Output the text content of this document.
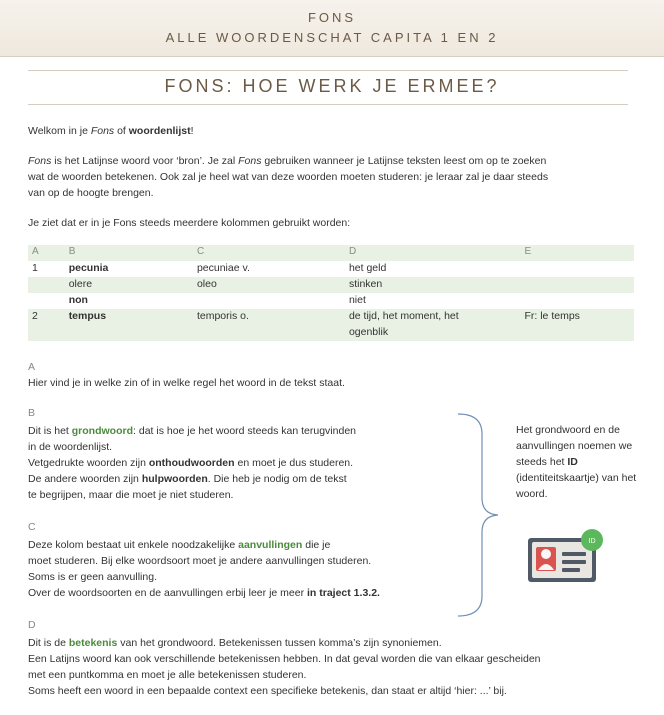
FONS
ALLE WOORDENSCHAT CAPITA 1 EN 2
FONS: HOE WERK JE ERMEE?
Welkom in je Fons of woordenlijst!
Fons is het Latijnse woord voor ‘bron’. Je zal Fons gebruiken wanneer je Latijnse teksten leest om op te zoeken
wat de woorden betekenen. Ook zal je heel wat van deze woorden moeten studeren: je leraar zal je daar steeds
van op de hoogte brengen.
Je ziet dat er in je Fons steeds meerdere kolommen gebruikt worden:
A	B	C	D	E
1	pecunia	pecuniae v.	het geld	
	olere	oleo	stinken	
	non		niet	
2	tempus	temporis o.	de tijd, het moment, het	Fr: le temps
			ogenblik	
A
Hier vind je in welke zin of in welke regel het woord in de tekst staat.
B
Dit is het grondwoord: dat is hoe je het woord steeds kan terugvinden
in de woordenlijst.
Vetgedrukte woorden zijn onthoudwoorden en moet je dus studeren.
De andere woorden zijn hulpwoorden. Die heb je nodig om de tekst
te begrijpen, maar die moet je niet studeren.
C
Deze kolom bestaat uit enkele noodzakelijke aanvullingen die je
moet studeren. Bij elke woordsoort moet je andere aanvullingen studeren.
Soms is er geen aanvulling.
Over de woordsoorten en de aanvullingen erbij leer je meer in traject 1.3.2.
D
Dit is de betekenis van het grondwoord. Betekenissen tussen komma’s zijn synoniemen.
Een Latijns woord kan ook verschillende betekenissen hebben. In dat geval worden die van elkaar gescheiden
met een puntkomma en moet je alle betekenissen studeren.
Soms heeft een woord in een bepaalde context een specifieke betekenis, dan staat er altijd ‘hier: ...’ bij.
Het grondwoord en de
aanvullingen noemen we
steeds het ID
(identiteitskaartje) van het
woord.
ID
